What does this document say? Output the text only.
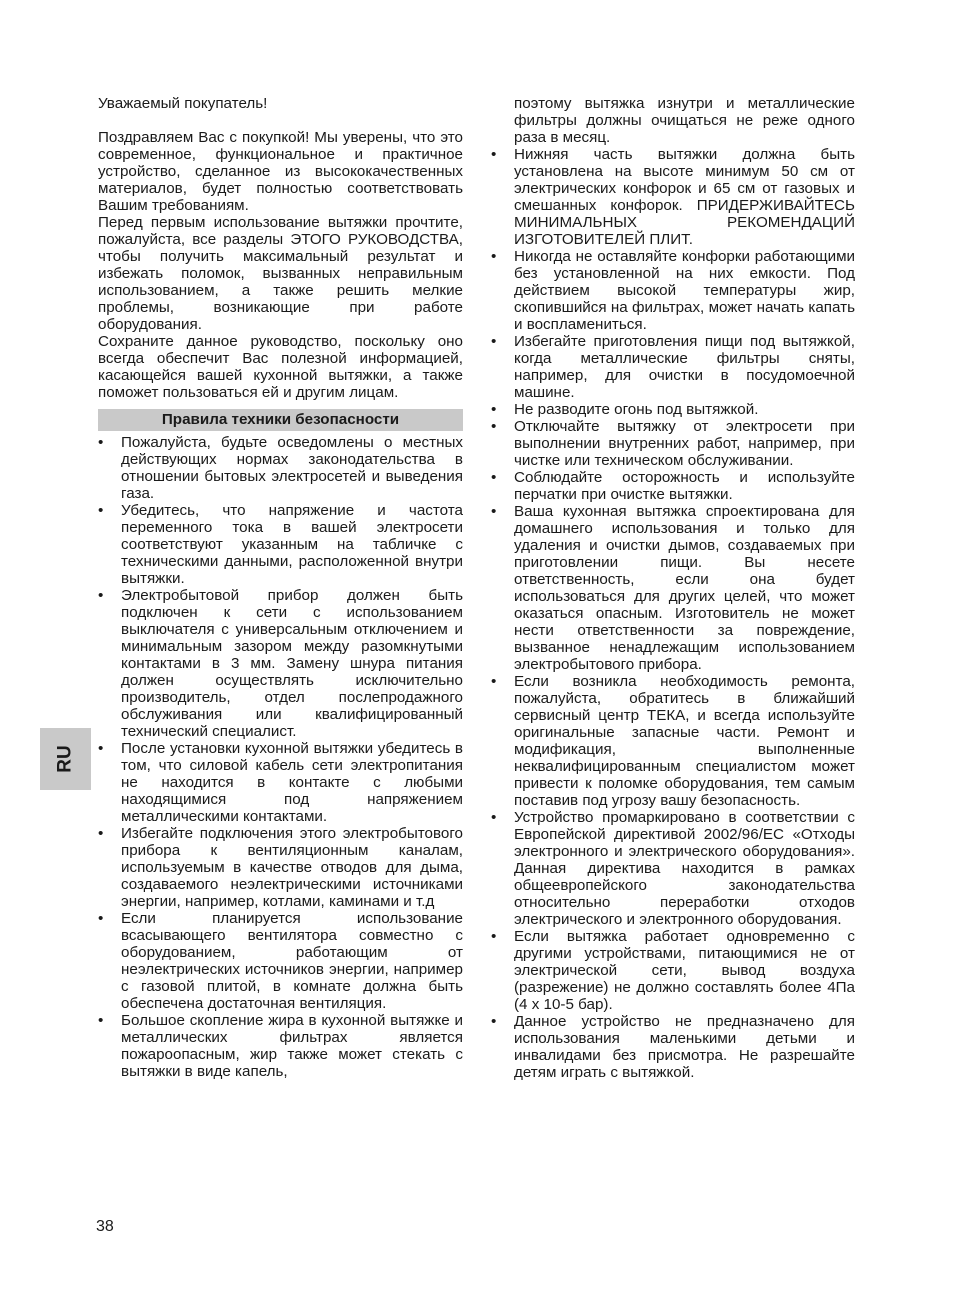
Уважаемый покупатель!

Поздравляем Вас с покупкой! Мы уверены, что это современное, функциональное и практичное устройство, сделанное из высококачественных материалов, будет полностью соответствовать Вашим требованиям.

Перед первым использование вытяжки прочтите, пожалуйста, все разделы ЭТОГО РУКОВОДСТВА, чтобы получить максимальный результат и избежать поломок, вызванных неправильным использованием, а также решить мелкие проблемы, возникающие при работе оборудования.

Сохраните данное руководство, поскольку оно всегда обеспечит Вас полезной информацией, касающейся вашей кухонной вытяжки, а также поможет пользоваться ей и другим лицам.

Правила техники безопасности
• Пожалуйста, будьте осведомлены о местных действующих нормах законодательства в отношении бытовых электросетей и выведения газа.
• Убедитесь, что напряжение и частота переменного тока в вашей электросети соответствуют указанным на табличке с техническими данными, расположенной внутри вытяжки.
• Электробытовой прибор должен быть подключен к сети с использованием выключателя с универсальным отключением и минимальным зазором между разомкнутыми контактами в 3 мм. Замену шнура питания должен осуществлять исключительно производитель, отдел послепродажного обслуживания или квалифицированный технический специалист.
• После установки кухонной вытяжки убедитесь в том, что силовой кабель сети электропитания не находится в контакте с любыми находящимися под напряжением металлическими контактами.
• Избегайте подключения этого электробытового прибора к вентиляционным каналам, используемым в качестве отводов для дыма, создаваемого неэлектрическими источниками энергии, например, котлами, каминами и т.д
• Если планируется использование всасывающего вентилятора совместно с оборудованием, работающим от неэлектрических источников энергии, например с газовой плитой, в комнате должна быть обеспечена достаточная вентиляция.
• Большое скопление жира в кухонной вытяжке и металлических фильтрах является пожароопасным, жир также может стекать с вытяжки в виде капель,

поэтому вытяжка изнутри и металлические фильтры должны очищаться не реже одного раза в месяц.

• Нижняя часть вытяжки должна быть установлена на высоте минимум 50 см от электрических конфорок и 65 см от газовых и смешанных конфорок. ПРИДЕРЖИВАЙТЕСЬ МИНИМАЛЬНЫХ РЕКОМЕНДАЦИЙ ИЗГОТОВИТЕЛЕЙ ПЛИТ.
• Никогда не оставляйте конфорки работающими без установленной на них емкости. Под действием высокой температуры жир, скопившийся на фильтрах, может начать капать и воспламениться.
• Избегайте приготовления пищи под вытяжкой, когда металлические фильтры сняты, например, для очистки в посудомоечной машине.
• Не разводите огонь под вытяжкой.
• Отключайте вытяжку от электросети при выполнении внутренних работ, например, при чистке или техническом обслуживании.
• Соблюдайте осторожность и используйте перчатки при очистке вытяжки.
• Ваша кухонная вытяжка спроектирована для домашнего использования и только для удаления и очистки дымов, создаваемых при приготовлении пищи. Вы несете ответственность, если она будет использоваться для других целей, что может оказаться опасным. Изготовитель не может нести ответственности за повреждение, вызванное ненадлежащим использованием электробытового прибора.
• Если возникла необходимость ремонта, пожалуйста, обратитесь в ближайший сервисный центр ТЕКА, и всегда используйте оригинальные запасные части. Ремонт и модификация, выполненные неквалифицированным специалистом может привести к поломке оборудования, тем самым поставив под угрозу вашу безопасность.
• Устройство промаркировано в соответствии с Европейской директивой 2002/96/ЕС «Отходы электронного и электрического оборудования». Данная директива находится в рамках общеевропейского законодательства относительно переработки отходов электрического и электронного оборудования.
• Если вытяжка работает одновременно с другими устройствами, питающимися не от электрической сети, вывод воздуха (разрежение) не должно составлять более 4Па (4 x 10-5 бар).
• Данное устройство не предназначено для использования маленькими детьми и инвалидами без присмотра. Не разрешайте детям играть с вытяжкой.
RU
38
